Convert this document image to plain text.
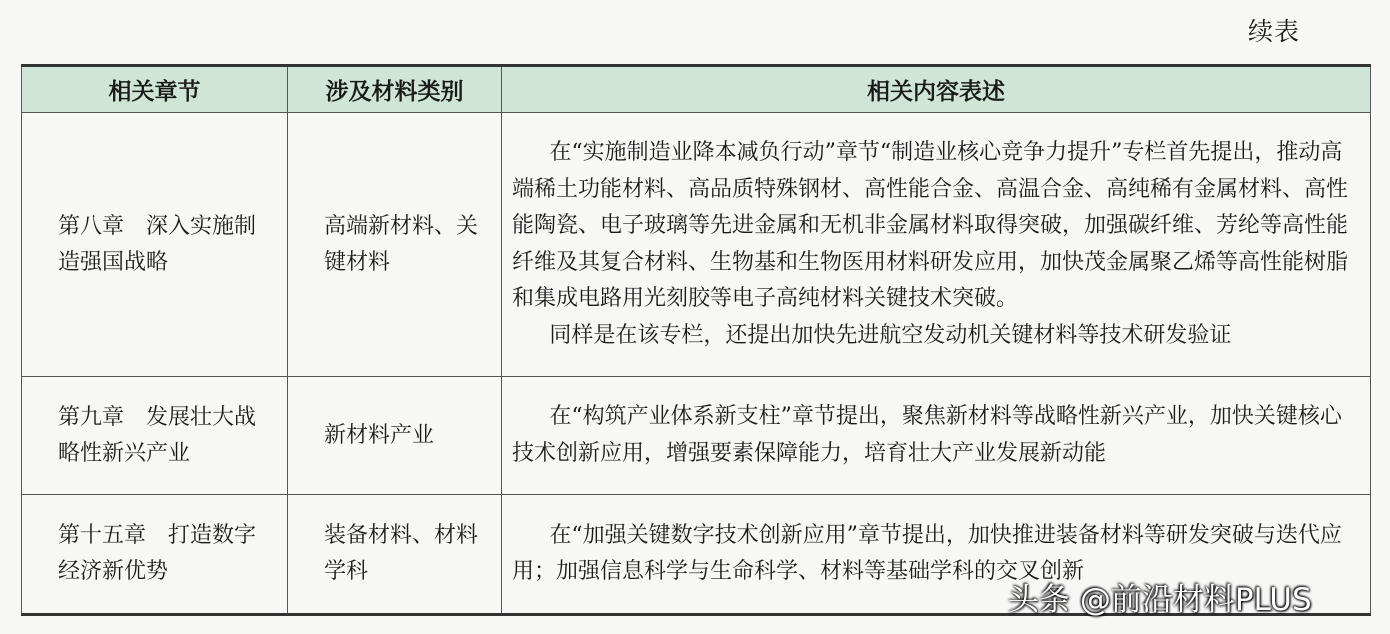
续表
相关章节	涉及材料类别	相关内容表述
第八章　深入实施制造强国战略	高端新材料、关键材料	在“实施制造业降本减负行动”章节“制造业核心竞争力提升”专栏首先提出，推动高端稀土功能材料、高品质特殊钢材、高性能合金、高温合金、高纯稀有金属材料、高性能陶瓷、电子玻璃等先进金属和无机非金属材料取得突破，加强碳纤维、芳纶等高性能纤维及其复合材料、生物基和生物医用材料研发应用，加快茂金属聚乙烯等高性能树脂和集成电路用光刻胶等电子高纯材料关键技术突破。

同样是在该专栏，还提出加快先进航空发动机关键材料等技术研发验证

第九章　发展壮大战略性新兴产业	新材料产业	在“构筑产业体系新支柱”章节提出，聚焦新材料等战略性新兴产业，加快关键核心技术创新应用，增强要素保障能力，培育壮大产业发展新动能

第十五章　打造数字经济新优势	装备材料、材料学科	在“加强关键数字技术创新应用”章节提出，加快推进装备材料等研发突破与迭代应用；加强信息科学与生命科学、材料等基础学科的交叉创新

头条 @前沿材料PLUS
